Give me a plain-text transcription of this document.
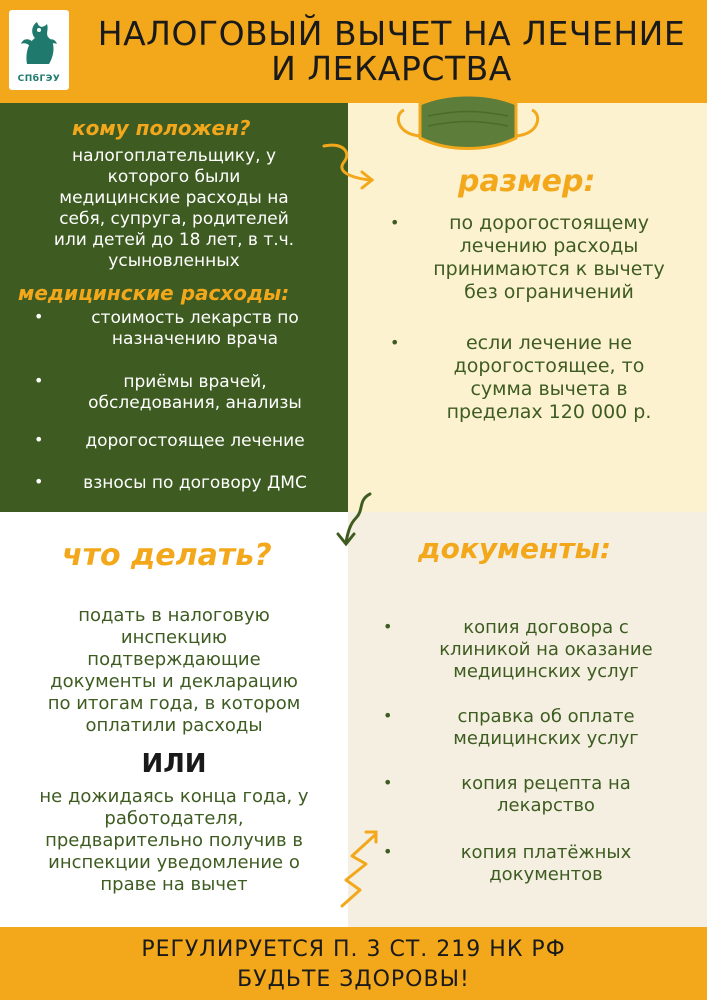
СПбГЭУ
НАЛОГОВЫЙ ВЫЧЕТ НА ЛЕЧЕНИЕ
И ЛЕКАРСТВА
кому положен?
налогоплательщику, у
которого были
медицинские расходы на
себя, супруга, родителей
или детей до 18 лет, в т.ч.
усыновленных
медицинские расходы:
•	стоимость лекарств по
назначению врача
•	приёмы врачей,
обследования, анализы
•	дорогостоящее лечение
•	взносы по договору ДМС
размер:
•	по дорогостоящему
лечению расходы
принимаются к вычету
без ограничений
•	если лечение не
дорогостоящее, то
сумма вычета в
пределах 120 000 р.
что делать?
подать в налоговую
инспекцию
подтверждающие
документы и декларацию
по итогам года, в котором
оплатили расходы
ИЛИ
не дожидаясь конца года, у
работодателя,
предварительно получив в
инспекции уведомление о
праве на вычет
документы:
•	копия договора с
клиникой на оказание
медицинских услуг
•	справка об оплате
медицинских услуг
•	копия рецепта на
лекарство
•	копия платёжных
документов
РЕГУЛИРУЕТСЯ П. 3 СТ. 219 НК РФ
БУДЬТЕ ЗДОРОВЫ!
